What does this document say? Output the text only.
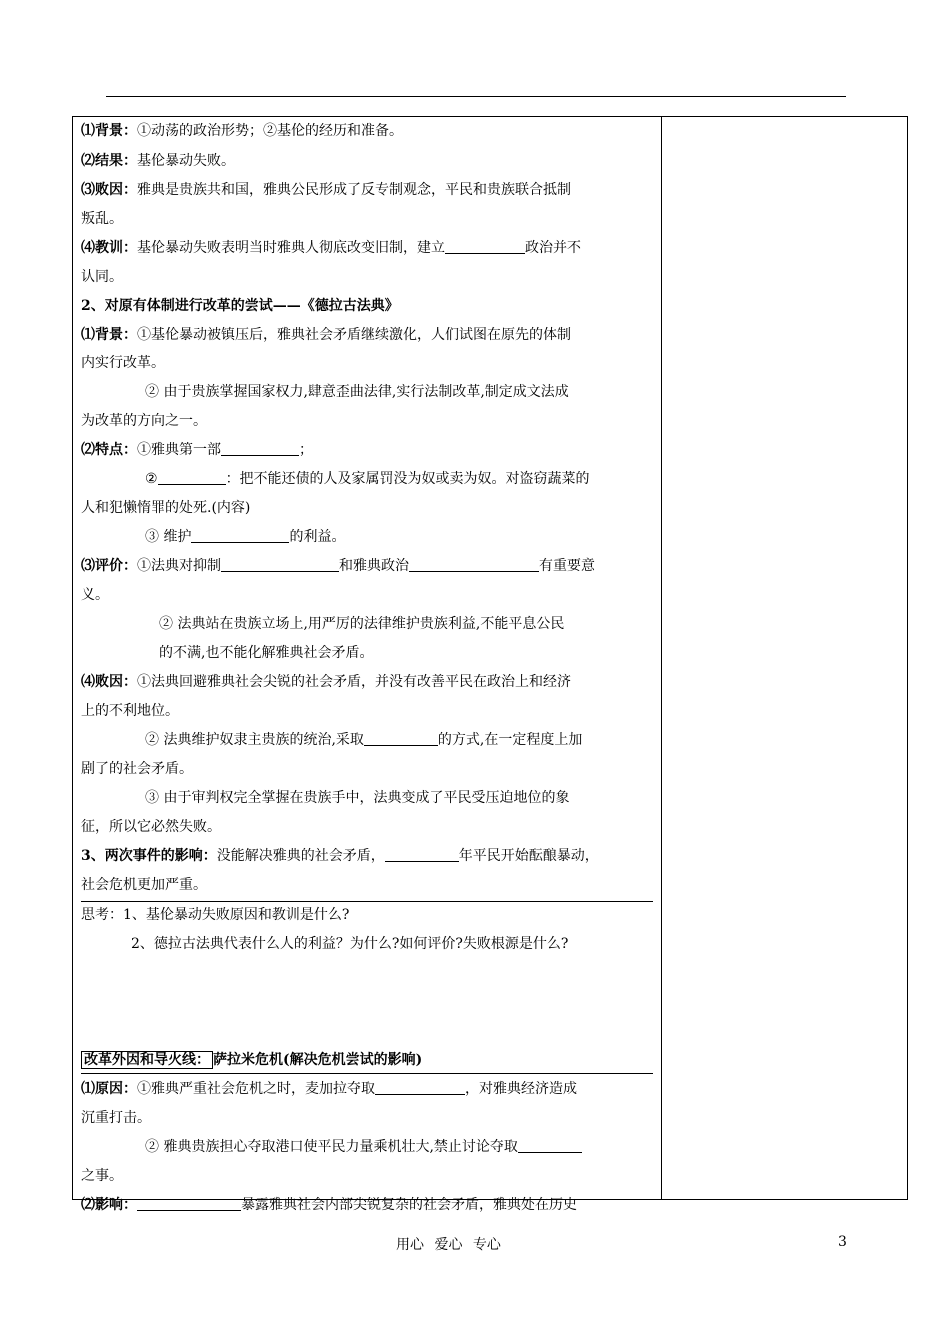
⑴背景：①动荡的政治形势；②基伦的经历和准备。
⑵结果：基伦暴动失败。
⑶败因：雅典是贵族共和国，雅典公民形成了反专制观念，平民和贵族联合抵制
叛乱。
⑷教训：基伦暴动失败表明当时雅典人彻底改变旧制，建立	政治并不
认同。
2、对原有体制进行改革的尝试——《德拉古法典》
⑴背景：①基伦暴动被镇压后，雅典社会矛盾继续激化，人们试图在原先的体制
内实行改革。
② 由于贵族掌握国家权力,肆意歪曲法律,实行法制改革,制定成文法成
为改革的方向之一。
⑵特点：①雅典第一部	；
②	：把不能还债的人及家属罚没为奴或卖为奴。对盗窃蔬菜的
人和犯懒惰罪的处死.(内容)
③ 维护	的利益。
⑶评价：①法典对抑制	和雅典政治	有重要意
义。
② 法典站在贵族立场上,用严厉的法律维护贵族利益,不能平息公民
的不满,也不能化解雅典社会矛盾。
⑷败因：①法典回避雅典社会尖锐的社会矛盾，并没有改善平民在政治上和经济
上的不利地位。
② 法典维护奴隶主贵族的统治,采取	的方式,在一定程度上加
剧了的社会矛盾。
③ 由于审判权完全掌握在贵族手中，法典变成了平民受压迫地位的象
征，所以它必然失败。
3、两次事件的影响：没能解决雅典的社会矛盾，	年平民开始酝酿暴动，
社会危机更加严重。
思考：1、基伦暴动失败原因和教训是什么?
2、德拉古法典代表什么人的利益？为什么?如何评价?失败根源是什么?
改革外因和导火线： 萨拉米危机(解决危机尝试的影响)
⑴原因：①雅典严重社会危机之时，麦加拉夺取	，对雅典经济造成
沉重打击。
② 雅典贵族担心夺取港口使平民力量乘机壮大,禁止讨论夺取
之事。
⑵影响：	暴露雅典社会内部尖锐复杂的社会矛盾，雅典处在历史
用心 爱心 专心	3
